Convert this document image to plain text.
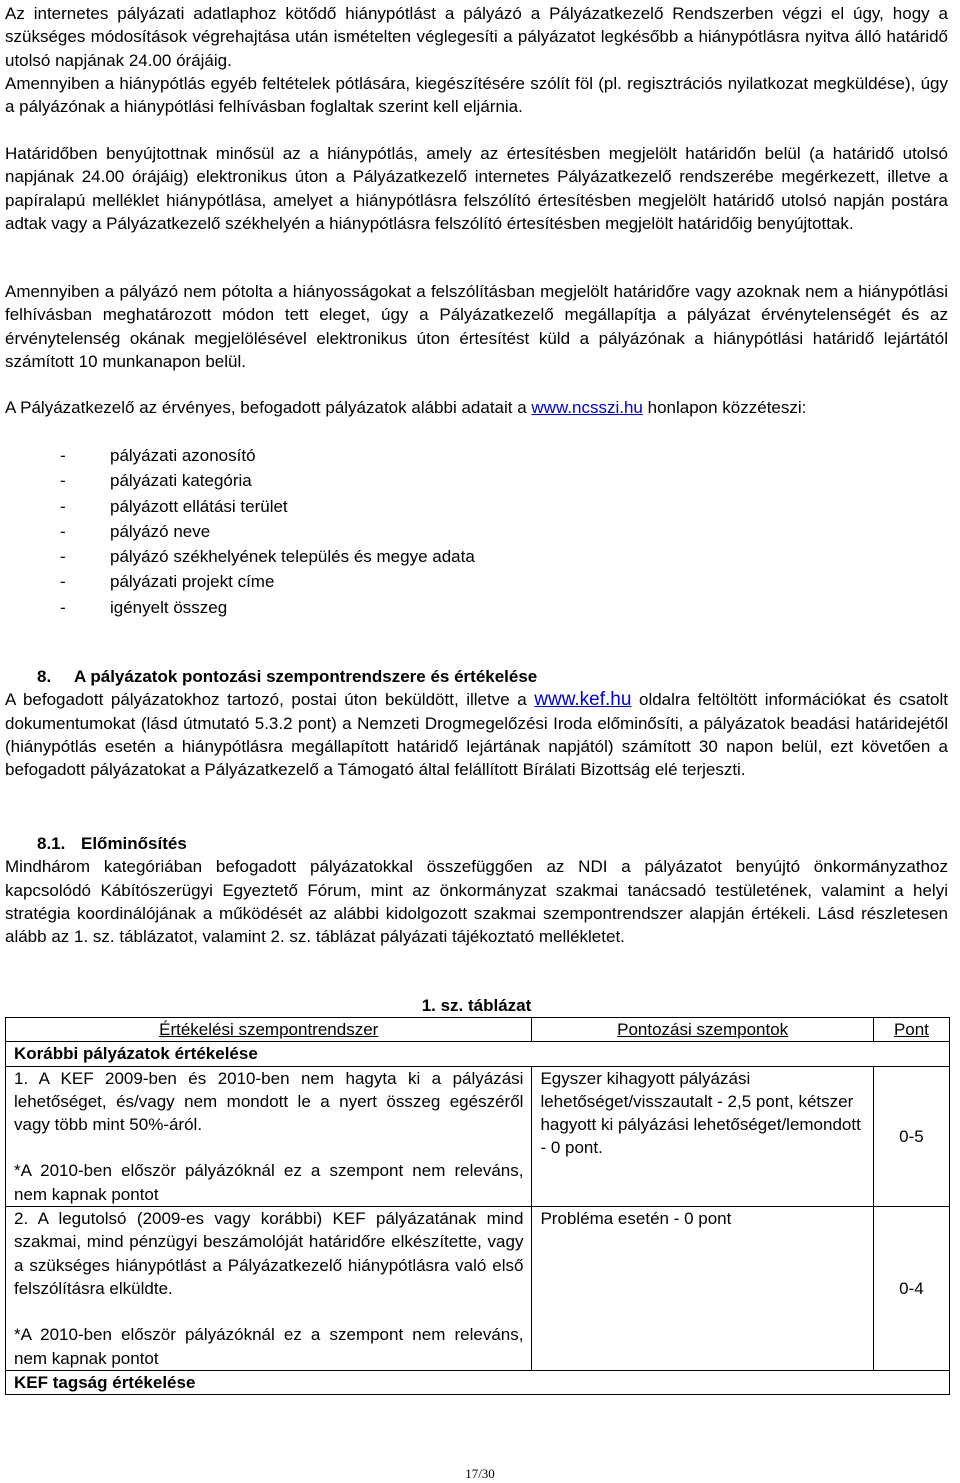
Az internetes pályázati adatlaphoz kötődő hiánypótlást a pályázó a Pályázatkezelő Rendszerben végzi el úgy, hogy a szükséges módosítások végrehajtása után ismételten véglegesíti a pályázatot legkésőbb a hiánypótlásra nyitva álló határidő utolsó napjának 24.00 órájáig.

Amennyiben a hiánypótlás egyéb feltételek pótlására, kiegészítésére szólít föl (pl. regisztrációs nyilatkozat megküldése), úgy a pályázónak a hiánypótlási felhívásban foglaltak szerint kell eljárnia.

Határidőben benyújtottnak minősül az a hiánypótlás, amely az értesítésben megjelölt határidőn belül (a határidő utolsó napjának 24.00 órájáig) elektronikus úton a Pályázatkezelő internetes Pályázatkezelő rendszerébe megérkezett, illetve a papíralapú melléklet hiánypótlása, amelyet a hiánypótlásra felszólító értesítésben megjelölt határidő utolsó napján postára adtak vagy a Pályázatkezelő székhelyén a hiánypótlásra felszólító értesítésben megjelölt határidőig benyújtottak.

Amennyiben a pályázó nem pótolta a hiányosságokat a felszólításban megjelölt határidőre vagy azoknak nem a hiánypótlási felhívásban meghatározott módon tett eleget, úgy a Pályázatkezelő megállapítja a pályázat érvénytelenségét és az érvénytelenség okának megjelölésével elektronikus úton értesítést küld a pályázónak a hiánypótlási határidő lejártától számított 10 munkanapon belül.

A Pályázatkezelő az érvényes, befogadott pályázatok alábbi adatait a www.ncsszi.hu honlapon közzéteszi:

-	pályázati azonosító
-	pályázati kategória
-	pályázott ellátási terület
-	pályázó neve
-	pályázó székhelyének település és megye adata
-	pályázati projekt címe
-	igényelt összeg

8. A pályázatok pontozási szempontrendszere és értékelése

A befogadott pályázatokhoz tartozó, postai úton beküldött, illetve a www.kef.hu oldalra feltöltött információkat és csatolt dokumentumokat (lásd útmutató 5.3.2 pont) a Nemzeti Drogmegelőzési Iroda előminősíti, a pályázatok beadási határidejétől (hiánypótlás esetén a hiánypótlásra megállapított határidő lejártának napjától) számított 30 napon belül, ezt követően a befogadott pályázatokat a Pályázatkezelő a Támogató által felállított Bírálati Bizottság elé terjeszti.

8.1. Előminősítés

Mindhárom kategóriában befogadott pályázatokkal összefüggően az NDI a pályázatot benyújtó önkormányzathoz kapcsolódó Kábítószerügyi Egyeztető Fórum, mint az önkormányzat szakmai tanácsadó testületének, valamint a helyi stratégia koordinálójának a működését az alábbi kidolgozott szakmai szempontrendszer alapján értékeli. Lásd részletesen alább az 1. sz. táblázatot, valamint 2. sz. táblázat pályázati tájékoztató mellékletet.

1. sz. táblázat
Értékelési szempontrendszer	Pontozási szempontok	Pont
Korábbi pályázatok értékelése		

1. A KEF 2009-ben és 2010-ben nem hagyta ki a pályázási lehetőséget, és/vagy nem mondott le a nyert összeg egészéről vagy több mint 50%-áról.
*A 2010-ben először pályázóknál ez a szempont nem releváns, nem kapnak pontot	Egyszer kihagyott pályázási lehetőséget/visszautalt - 2,5 pont, kétszer hagyott ki pályázási lehetőséget/lemondott - 0 pont.	0-5

2. A legutolsó (2009-es vagy korábbi) KEF pályázatának mind szakmai, mind pénzügyi beszámolóját határidőre elkészítette, vagy a szükséges hiánypótlást a Pályázatkezelő hiánypótlásra való első felszólításra elküldte.
*A 2010-ben először pályázóknál ez a szempont nem releváns, nem kapnak pontot	Probléma esetén - 0 pont	0-4
KEF tagság értékelése		
17/30
